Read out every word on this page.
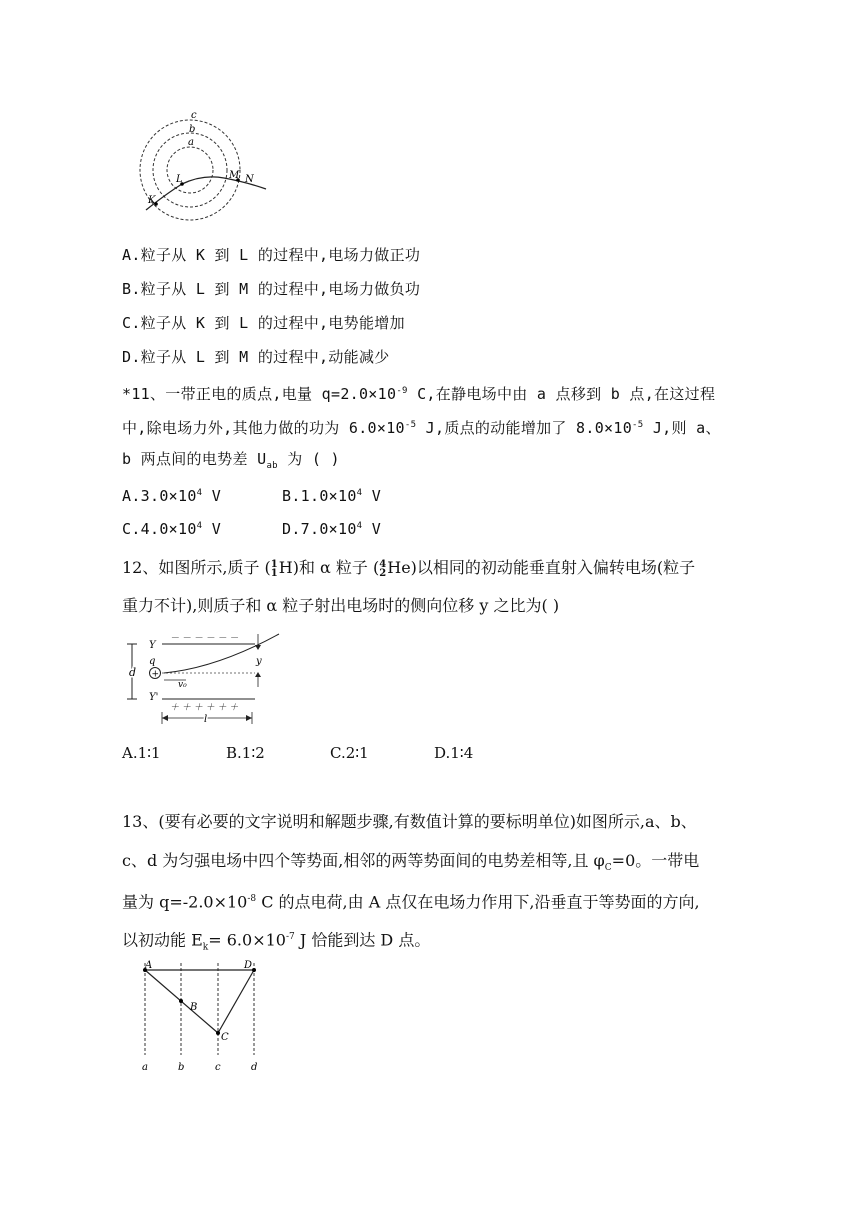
c
b
a
L	M N
K
A.粒子从 K 到 L 的过程中,电场力做正功
B.粒子从 L 到 M 的过程中,电场力做负功
C.粒子从 K 到 L 的过程中,电势能增加
D.粒子从 L 到 M 的过程中,动能减少
*11、一带正电的质点,电量 $q=2.0\times 10^{-9}$ C,在静电场中由 a 点移到 b 点,在这过程
中,除电场力外,其他力做的功为 $6.0\times 10^{-5}$ J,质点的动能增加了 $8.0\times 10^{-5}$ J,则 a、
b 两点间的电势差 $U_{ab}$ 为 ( )
$A.3.0\times 10^4$ V	$B.1.0\times 10^4$ V
$C.4.0\times 10^4$ V	$D.7.0\times 10^4$ V
12、如图所示,质子 (1
1H)和 α 粒子 (4
2He)以相同的初动能垂直射入偏转电场(粒子
重力不计),则质子和 α 粒子射出电场时的侧向位移 y 之比为( )
－ － － － － －
＋ ＋ ＋ ＋ ＋ ＋
Y
Y'
q
d +
v₀
y
l
A.1∶1	B.1∶2	C.2∶1	D.1∶4
13、(要有必要的文字说明和解题步骤,有数值计算的要标明单位)如图所示,a、b、
c、d 为匀强电场中四个等势面,相邻的两等势面间的电势差相等,且 $\varphi_C=0$。一带电
量为 $q=-2.0\times 10^{-8}$ C 的点电荷,由 A 点仅在电场力作用下,沿垂直于等势面的方向,
以初动能 $E_k= 6.0\times 10^{-7}$ J 恰能到达 D 点。
A	D
B
C
a	b	c	d
